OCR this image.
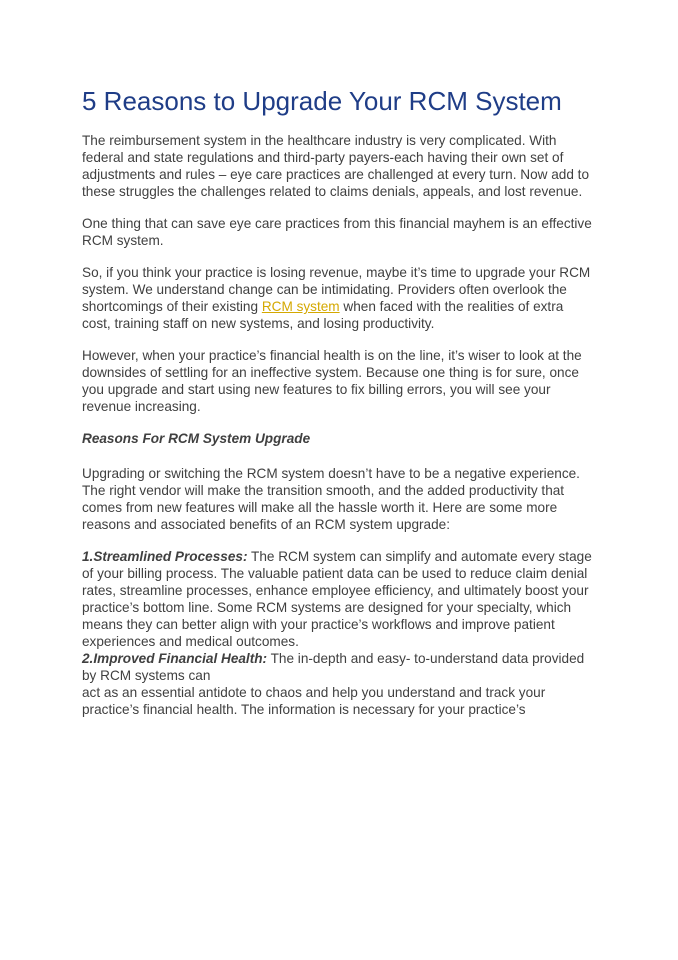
5 Reasons to Upgrade Your RCM System

The reimbursement system in the healthcare industry is very complicated. With federal and state regulations and third-party payers-each having their own set of adjustments and rules – eye care practices are challenged at every turn. Now add to these struggles the challenges related to claims denials, appeals, and lost revenue.

One thing that can save eye care practices from this financial mayhem is an effective RCM system.

So, if you think your practice is losing revenue, maybe it’s time to upgrade your RCM system. We understand change can be intimidating. Providers often overlook the shortcomings of their existing RCM system when faced with the realities of extra cost, training staff on new systems, and losing productivity.

However, when your practice’s financial health is on the line, it’s wiser to look at the downsides of settling for an ineffective system. Because one thing is for sure, once you upgrade and start using new features to fix billing errors, you will see your revenue increasing.

Reasons For RCM System Upgrade

Upgrading or switching the RCM system doesn’t have to be a negative experience. The right vendor will make the transition smooth, and the added productivity that comes from new features will make all the hassle worth it. Here are some more reasons and associated benefits of an RCM system upgrade:

1.Streamlined Processes: The RCM system can simplify and automate every stage of your billing process. The valuable patient data can be used to reduce claim denial rates, streamline processes, enhance employee efficiency, and ultimately boost your practice’s bottom line. Some RCM systems are designed for your specialty, which means they can better align with your practice’s workflows and improve patient experiences and medical outcomes.

2.Improved Financial Health: The in-depth and easy- to-understand data provided by RCM systems can

act as an essential antidote to chaos and help you understand and track your practice’s financial health. The information is necessary for your practice’s
